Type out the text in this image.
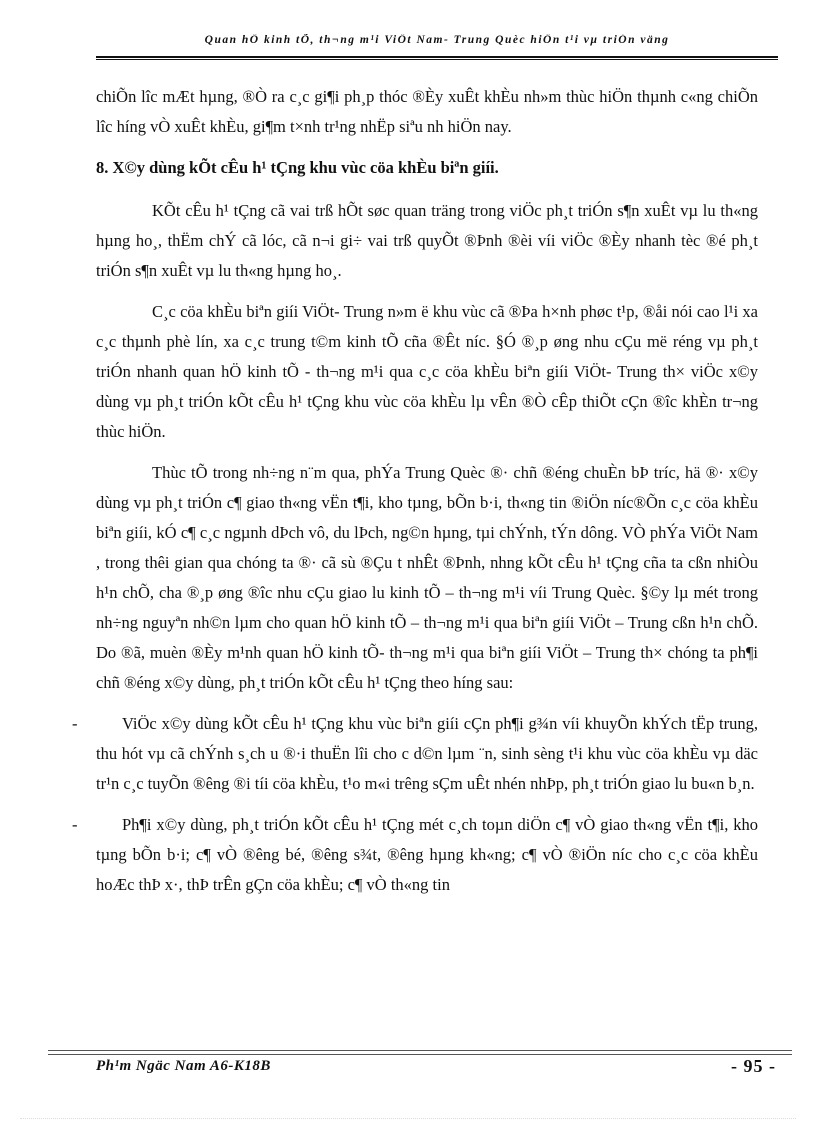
Quan hÖ kinh tÕ, th¬ng m¹i ViÖt Nam- Trung Quèc hiÖn t¹i vµ triÓn väng

chiÕn lîc mÆt hµng, ®Ò ra c¸c gi¶i ph¸p thóc ®Èy xuÊt khÈu nh»m thùc hiÖn thµnh c«ng chiÕn lîc híng vÒ xuÊt khÈu, gi¶m t×nh tr¹ng nhËp siªu nh hiÖn nay.

8. X©y dùng kÕt cÊu h¹ tÇng khu vùc cöa khÈu biªn giíi.

KÕt cÊu h¹ tÇng cã vai trß hÕt søc quan träng trong viÖc ph¸t triÓn s¶n xuÊt vµ lu th«ng hµng ho¸, thËm chÝ cã lóc, cã n¬i gi÷ vai trß quyÕt ®Þnh ®èi víi viÖc ®Èy nhanh tèc ®é ph¸t triÓn s¶n xuÊt vµ lu th«ng hµng ho¸.

C¸c cöa khÈu biªn giíi ViÖt- Trung n»m ë khu vùc cã ®Þa h×nh phøc t¹p, ®åi nói cao l¹i xa c¸c thµnh phè lín, xa c¸c trung t©m kinh tÕ cña ®Êt níc. §Ó ®¸p øng nhu cÇu më réng vµ ph¸t triÓn nhanh quan hÖ kinh tÕ - th¬ng m¹i qua c¸c cöa khÈu biªn giíi ViÖt- Trung th× viÖc x©y dùng vµ ph¸t triÓn kÕt cÊu h¹ tÇng khu vùc cöa khÈu lµ vÊn ®Ò cÊp thiÕt cÇn ®îc khÈn tr¬ng thùc hiÖn.

Thùc tÕ trong nh÷ng n¨m qua, phÝa Trung Quèc ®· chñ ®éng chuÈn bÞ tríc, hä ®· x©y dùng vµ ph¸t triÓn c¶ giao th«ng vËn t¶i, kho tµng, bÕn b·i, th«ng tin ®iÖn níc®Õn c¸c cöa khÈu biªn giíi, kÓ c¶ c¸c ngµnh dÞch vô, du lÞch, ng©n hµng, tµi chÝnh, tÝn dông. VÒ phÝa ViÖt Nam , trong thêi gian qua chóng ta ®· cã sù ®Çu t nhÊt ®Þnh, nhng kÕt cÊu h¹ tÇng cña ta cßn nhiÒu h¹n chÕ, cha ®¸p øng ®îc nhu cÇu giao lu kinh tÕ – th¬ng m¹i víi Trung Quèc. §©y lµ mét trong nh÷ng nguyªn nh©n lµm cho quan hÖ kinh tÕ – th¬ng m¹i qua biªn giíi ViÖt – Trung cßn h¹n chÕ. Do ®ã, muèn ®Èy m¹nh quan hÖ kinh tÕ- th¬ng m¹i qua biªn giíi ViÖt – Trung th× chóng ta ph¶i chñ ®éng x©y dùng, ph¸t triÓn kÕt cÊu h¹ tÇng theo híng sau:

-	ViÖc x©y dùng kÕt cÊu h¹ tÇng khu vùc biªn giíi cÇn ph¶i g¾n víi khuyÕn khÝch tËp trung, thu hót vµ cã chÝnh s¸ch u ®·i thuËn lîi cho c d©n lµm ¨n, sinh sèng t¹i khu vùc cöa khÈu vµ däc tr¹n c¸c tuyÕn ®êng ®i tíi cöa khÈu, t¹o m«i trêng sÇm uÊt nhén nhÞp, ph¸t triÓn giao lu bu«n b¸n.
-	Ph¶i x©y dùng, ph¸t triÓn kÕt cÊu h¹ tÇng mét c¸ch toµn diÖn c¶ vÒ giao th«ng vËn t¶i, kho tµng bÕn b·i; c¶ vÒ ®êng bé, ®êng s¾t, ®êng hµng kh«ng; c¶ vÒ ®iÖn níc cho c¸c cöa khÈu hoÆc thÞ x·, thÞ trÊn gÇn cöa khÈu; c¶ vÒ th«ng tin
Ph¹m Ngäc Nam A6-K18B	- 95 -
